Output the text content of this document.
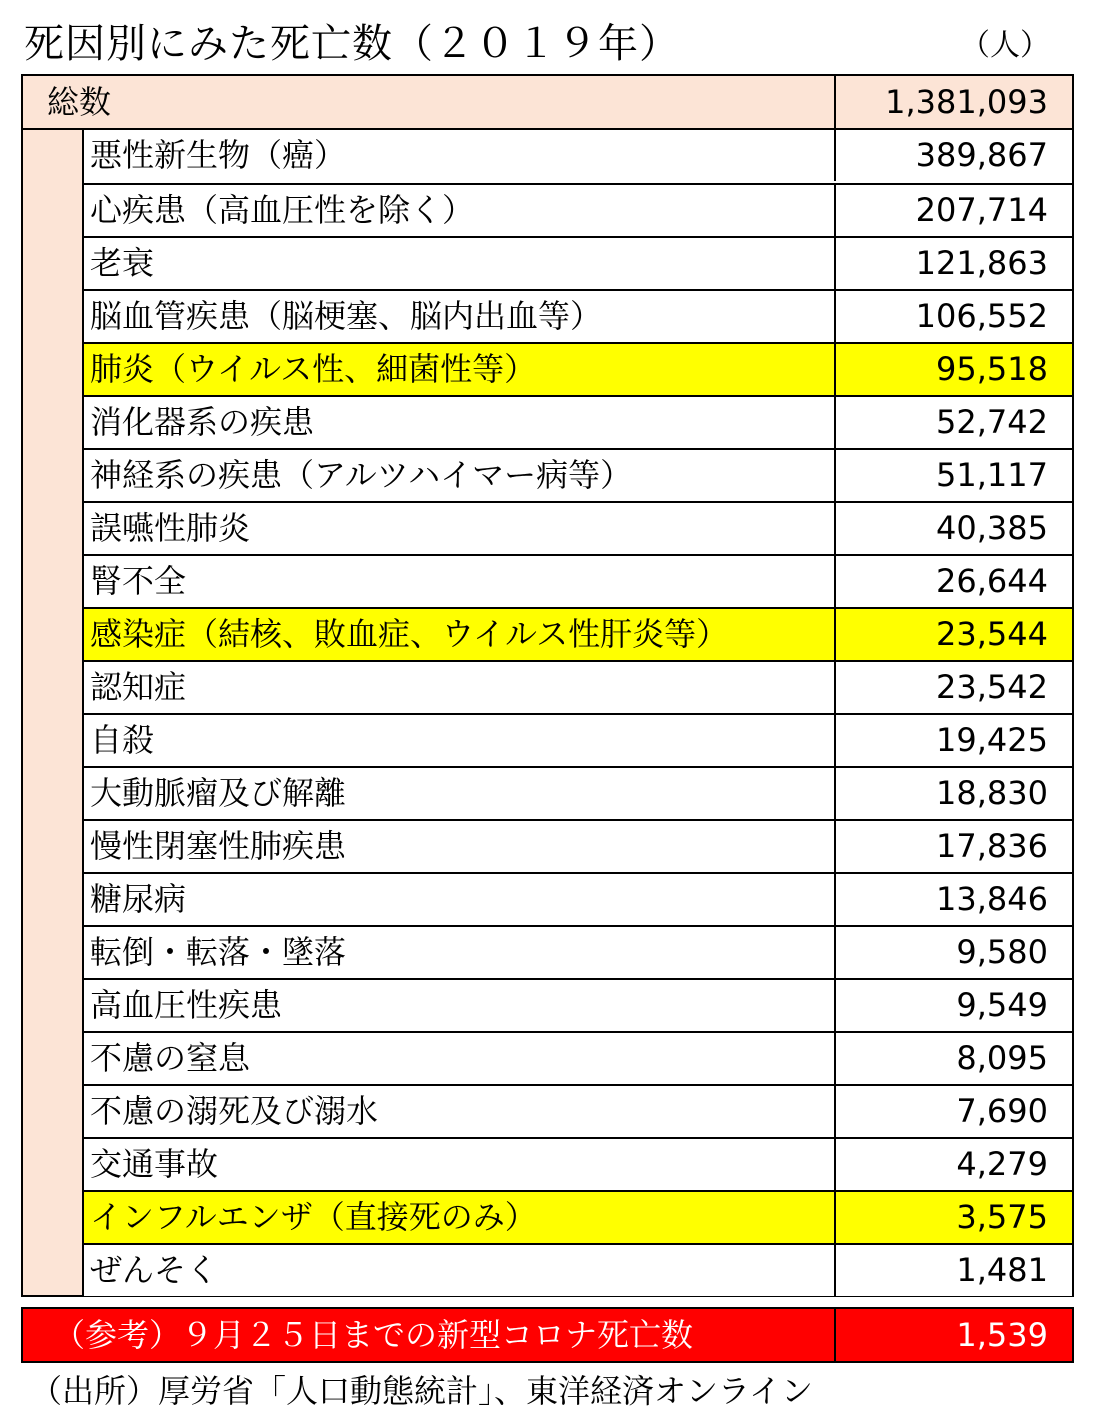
死因別にみた死亡数（２０１９年）	（人）
総数	1,381,093
悪性新生物（癌）	389,867
心疾患（高血圧性を除く）	207,714
老衰	121,863
脳血管疾患（脳梗塞、脳内出血等）	106,552
肺炎（ウイルス性、細菌性等）	95,518
消化器系の疾患	52,742
神経系の疾患（アルツハイマー病等）	51,117
誤嚥性肺炎	40,385
腎不全	26,644
感染症（結核、敗血症、ウイルス性肝炎等）	23,544
認知症	23,542
自殺	19,425
大動脈瘤及び解離	18,830
慢性閉塞性肺疾患	17,836
糖尿病	13,846
転倒・転落・墜落	9,580
高血圧性疾患	9,549
不慮の窒息	8,095
不慮の溺死及び溺水	7,690
交通事故	4,279
インフルエンザ（直接死のみ）	3,575
ぜんそく	1,481
（参考）９月２５日までの新型コロナ死亡数	1,539
（出所）厚労省「人口動態統計」、東洋経済オンライン
